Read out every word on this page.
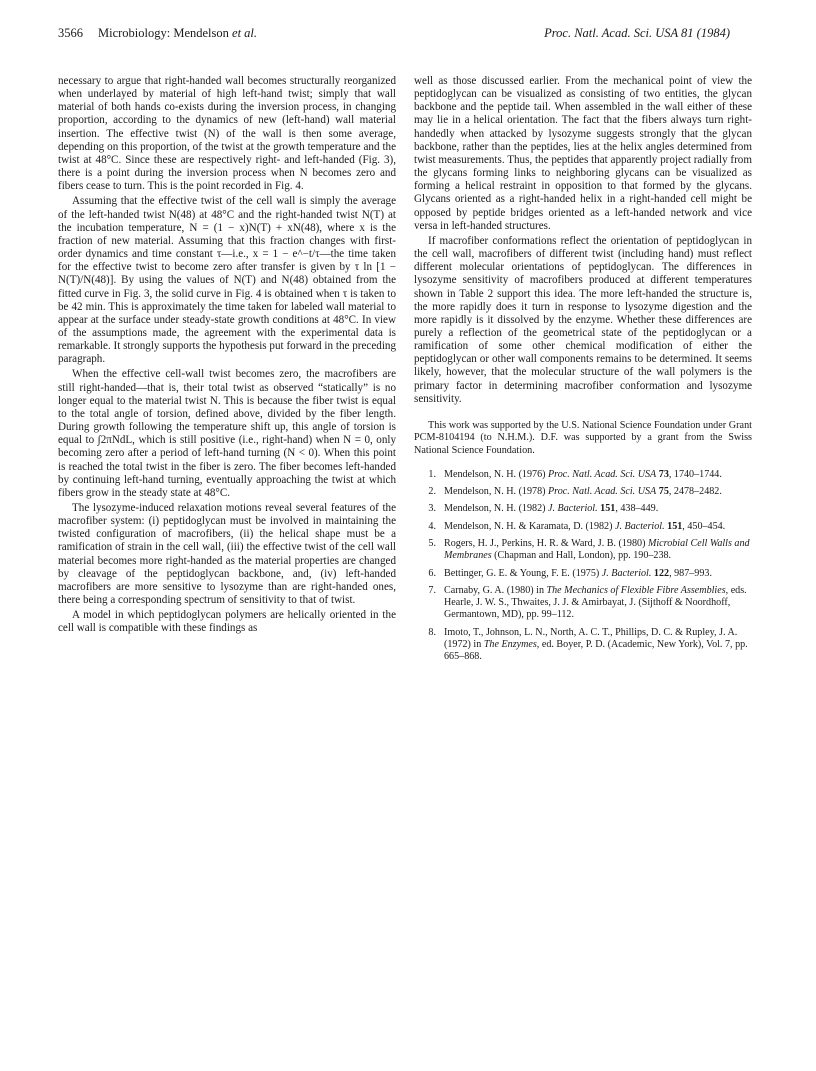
3566 Microbiology: Mendelson et al.	Proc. Natl. Acad. Sci. USA 81 (1984)

necessary to argue that right-handed wall becomes structurally reorganized when underlayed by material of high left-hand twist; simply that wall material of both hands co-exists during the inversion process, in changing proportion, according to the dynamics of new (left-hand) wall material insertion. The effective twist (N) of the wall is then some average, depending on this proportion, of the twist at the growth temperature and the twist at 48°C. Since these are respectively right- and left-handed (Fig. 3), there is a point during the inversion process when N becomes zero and fibers cease to turn. This is the point recorded in Fig. 4.

Assuming that the effective twist of the cell wall is simply the average of the left-handed twist N(48) at 48°C and the right-handed twist N(T) at the incubation temperature, N = (1 − x)N(T) + xN(48), where x is the fraction of new material. Assuming that this fraction changes with first-order dynamics and time constant τ—i.e., x = 1 − e^−t/τ—the time taken for the effective twist to become zero after transfer is given by τ ln [1 − N(T)/N(48)]. By using the values of N(T) and N(48) obtained from the fitted curve in Fig. 3, the solid curve in Fig. 4 is obtained when τ is taken to be 42 min. This is approximately the time taken for labeled wall material to appear at the surface under steady-state growth conditions at 48°C. In view of the assumptions made, the agreement with the experimental data is remarkable. It strongly supports the hypothesis put forward in the preceding paragraph.

When the effective cell-wall twist becomes zero, the macrofibers are still right-handed—that is, their total twist as observed “statically” is no longer equal to the material twist N. This is because the fiber twist is equal to the total angle of torsion, defined above, divided by the fiber length. During growth following the temperature shift up, this angle of torsion is equal to ∫2πNdL, which is still positive (i.e., right-hand) when N = 0, only becoming zero after a period of left-hand turning (N < 0). When this point is reached the total twist in the fiber is zero. The fiber becomes left-handed by continuing left-hand turning, eventually approaching the twist at which fibers grow in the steady state at 48°C.

The lysozyme-induced relaxation motions reveal several features of the macrofiber system: (i) peptidoglycan must be involved in maintaining the twisted configuration of macrofibers, (ii) the helical shape must be a ramification of strain in the cell wall, (iii) the effective twist of the cell wall material becomes more right-handed as the material properties are changed by cleavage of the peptidoglycan backbone, and, (iv) left-handed macrofibers are more sensitive to lysozyme than are right-handed ones, there being a corresponding spectrum of sensitivity to that of twist.

A model in which peptidoglycan polymers are helically oriented in the cell wall is compatible with these findings as

well as those discussed earlier. From the mechanical point of view the peptidoglycan can be visualized as consisting of two entities, the glycan backbone and the peptide tail. When assembled in the wall either of these may lie in a helical orientation. The fact that the fibers always turn right-handedly when attacked by lysozyme suggests strongly that the glycan backbone, rather than the peptides, lies at the helix angles determined from twist measurements. Thus, the peptides that apparently project radially from the glycans forming links to neighboring glycans can be visualized as forming a helical restraint in opposition to that formed by the glycans. Glycans oriented as a right-handed helix in a right-handed cell might be opposed by peptide bridges oriented as a left-handed network and vice versa in left-handed structures.

If macrofiber conformations reflect the orientation of peptidoglycan in the cell wall, macrofibers of different twist (including hand) must reflect different molecular orientations of peptidoglycan. The differences in lysozyme sensitivity of macrofibers produced at different temperatures shown in Table 2 support this idea. The more left-handed the structure is, the more rapidly does it turn in response to lysozyme digestion and the more rapidly is it dissolved by the enzyme. Whether these differences are purely a reflection of the geometrical state of the peptidoglycan or a ramification of some other chemical modification of either the peptidoglycan or other wall components remains to be determined. It seems likely, however, that the molecular structure of the wall polymers is the primary factor in determining macrofiber conformation and lysozyme sensitivity.

This work was supported by the U.S. National Science Foundation under Grant PCM-8104194 (to N.H.M.). D.F. was supported by a grant from the Swiss National Science Foundation.

1. Mendelson, N. H. (1976) Proc. Natl. Acad. Sci. USA 73, 1740–1744.
2. Mendelson, N. H. (1978) Proc. Natl. Acad. Sci. USA 75, 2478–2482.
3. Mendelson, N. H. (1982) J. Bacteriol. 151, 438–449.
4. Mendelson, N. H. & Karamata, D. (1982) J. Bacteriol. 151, 450–454.
5. Rogers, H. J., Perkins, H. R. & Ward, J. B. (1980) Microbial Cell Walls and Membranes (Chapman and Hall, London), pp. 190–238.
6. Bettinger, G. E. & Young, F. E. (1975) J. Bacteriol. 122, 987–993.
7. Carnaby, G. A. (1980) in The Mechanics of Flexible Fibre Assemblies, eds. Hearle, J. W. S., Thwaites, J. J. & Amirbayat, J. (Sijthoff & Noordhoff, Germantown, MD), pp. 99–112.
8. Imoto, T., Johnson, L. N., North, A. C. T., Phillips, D. C. & Rupley, J. A. (1972) in The Enzymes, ed. Boyer, P. D. (Academic, New York), Vol. 7, pp. 665–868.
